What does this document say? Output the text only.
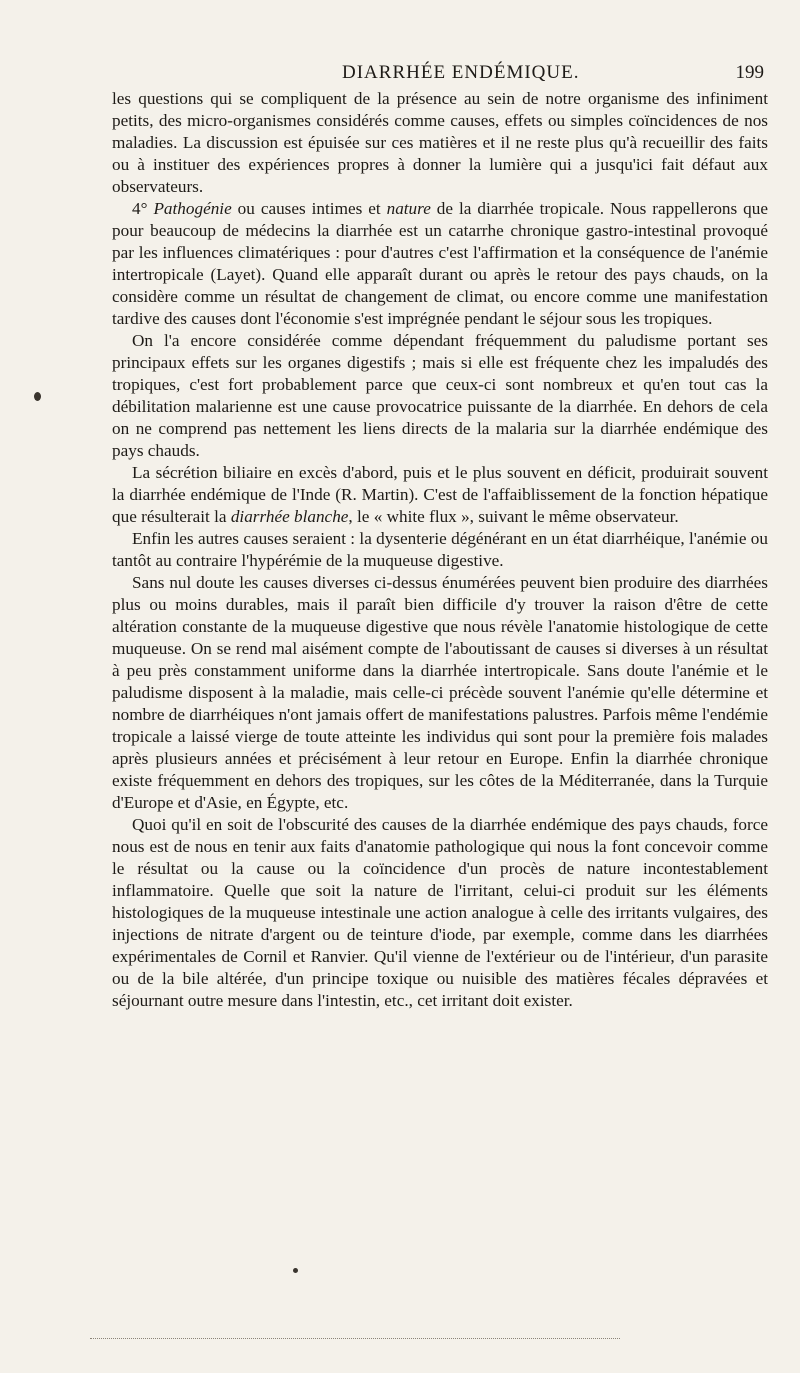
DIARRHÉE ENDÉMIQUE.	199

les questions qui se compliquent de la présence au sein de notre organisme des infiniment petits, des micro-organismes considérés comme causes, effets ou simples coïncidences de nos maladies. La discussion est épuisée sur ces matières et il ne reste plus qu'à recueillir des faits ou à instituer des expériences propres à donner la lumière qui a jusqu'ici fait défaut aux observateurs.

4° Pathogénie ou causes intimes et nature de la diarrhée tropicale. Nous rappellerons que pour beaucoup de médecins la diarrhée est un catarrhe chronique gastro-intestinal provoqué par les influences climatériques : pour d'autres c'est l'affirmation et la conséquence de l'anémie intertropicale (Layet). Quand elle apparaît durant ou après le retour des pays chauds, on la considère comme un résultat de changement de climat, ou encore comme une manifestation tardive des causes dont l'économie s'est imprégnée pendant le séjour sous les tropiques.

On l'a encore considérée comme dépendant fréquemment du paludisme portant ses principaux effets sur les organes digestifs ; mais si elle est fréquente chez les impaludés des tropiques, c'est fort probablement parce que ceux-ci sont nombreux et qu'en tout cas la débilitation malarienne est une cause provocatrice puissante de la diarrhée. En dehors de cela on ne comprend pas nettement les liens directs de la malaria sur la diarrhée endémique des pays chauds.

La sécrétion biliaire en excès d'abord, puis et le plus souvent en déficit, produirait souvent la diarrhée endémique de l'Inde (R. Martin). C'est de l'affaiblissement de la fonction hépatique que résulterait la diarrhée blanche, le « white flux », suivant le même observateur.

Enfin les autres causes seraient : la dysenterie dégénérant en un état diarrhéique, l'anémie ou tantôt au contraire l'hypérémie de la muqueuse digestive.

Sans nul doute les causes diverses ci-dessus énumérées peuvent bien produire des diarrhées plus ou moins durables, mais il paraît bien difficile d'y trouver la raison d'être de cette altération constante de la muqueuse digestive que nous révèle l'anatomie histologique de cette muqueuse. On se rend mal aisément compte de l'aboutissant de causes si diverses à un résultat à peu près constamment uniforme dans la diarrhée intertropicale. Sans doute l'anémie et le paludisme disposent à la maladie, mais celle-ci précède souvent l'anémie qu'elle détermine et nombre de diarrhéiques n'ont jamais offert de manifestations palustres. Parfois même l'endémie tropicale a laissé vierge de toute atteinte les individus qui sont pour la première fois malades après plusieurs années et précisément à leur retour en Europe. Enfin la diarrhée chronique existe fréquemment en dehors des tropiques, sur les côtes de la Méditerranée, dans la Turquie d'Europe et d'Asie, en Égypte, etc.

Quoi qu'il en soit de l'obscurité des causes de la diarrhée endémique des pays chauds, force nous est de nous en tenir aux faits d'anatomie pathologique qui nous la font concevoir comme le résultat ou la cause ou la coïncidence d'un procès de nature incontestablement inflammatoire. Quelle que soit la nature de l'irritant, celui-ci produit sur les éléments histologiques de la muqueuse intestinale une action analogue à celle des irritants vulgaires, des injections de nitrate d'argent ou de teinture d'iode, par exemple, comme dans les diarrhées expérimentales de Cornil et Ranvier. Qu'il vienne de l'extérieur ou de l'intérieur, d'un parasite ou de la bile altérée, d'un principe toxique ou nuisible des matières fécales dépravées et séjournant outre mesure dans l'intestin, etc., cet irritant doit exister.
